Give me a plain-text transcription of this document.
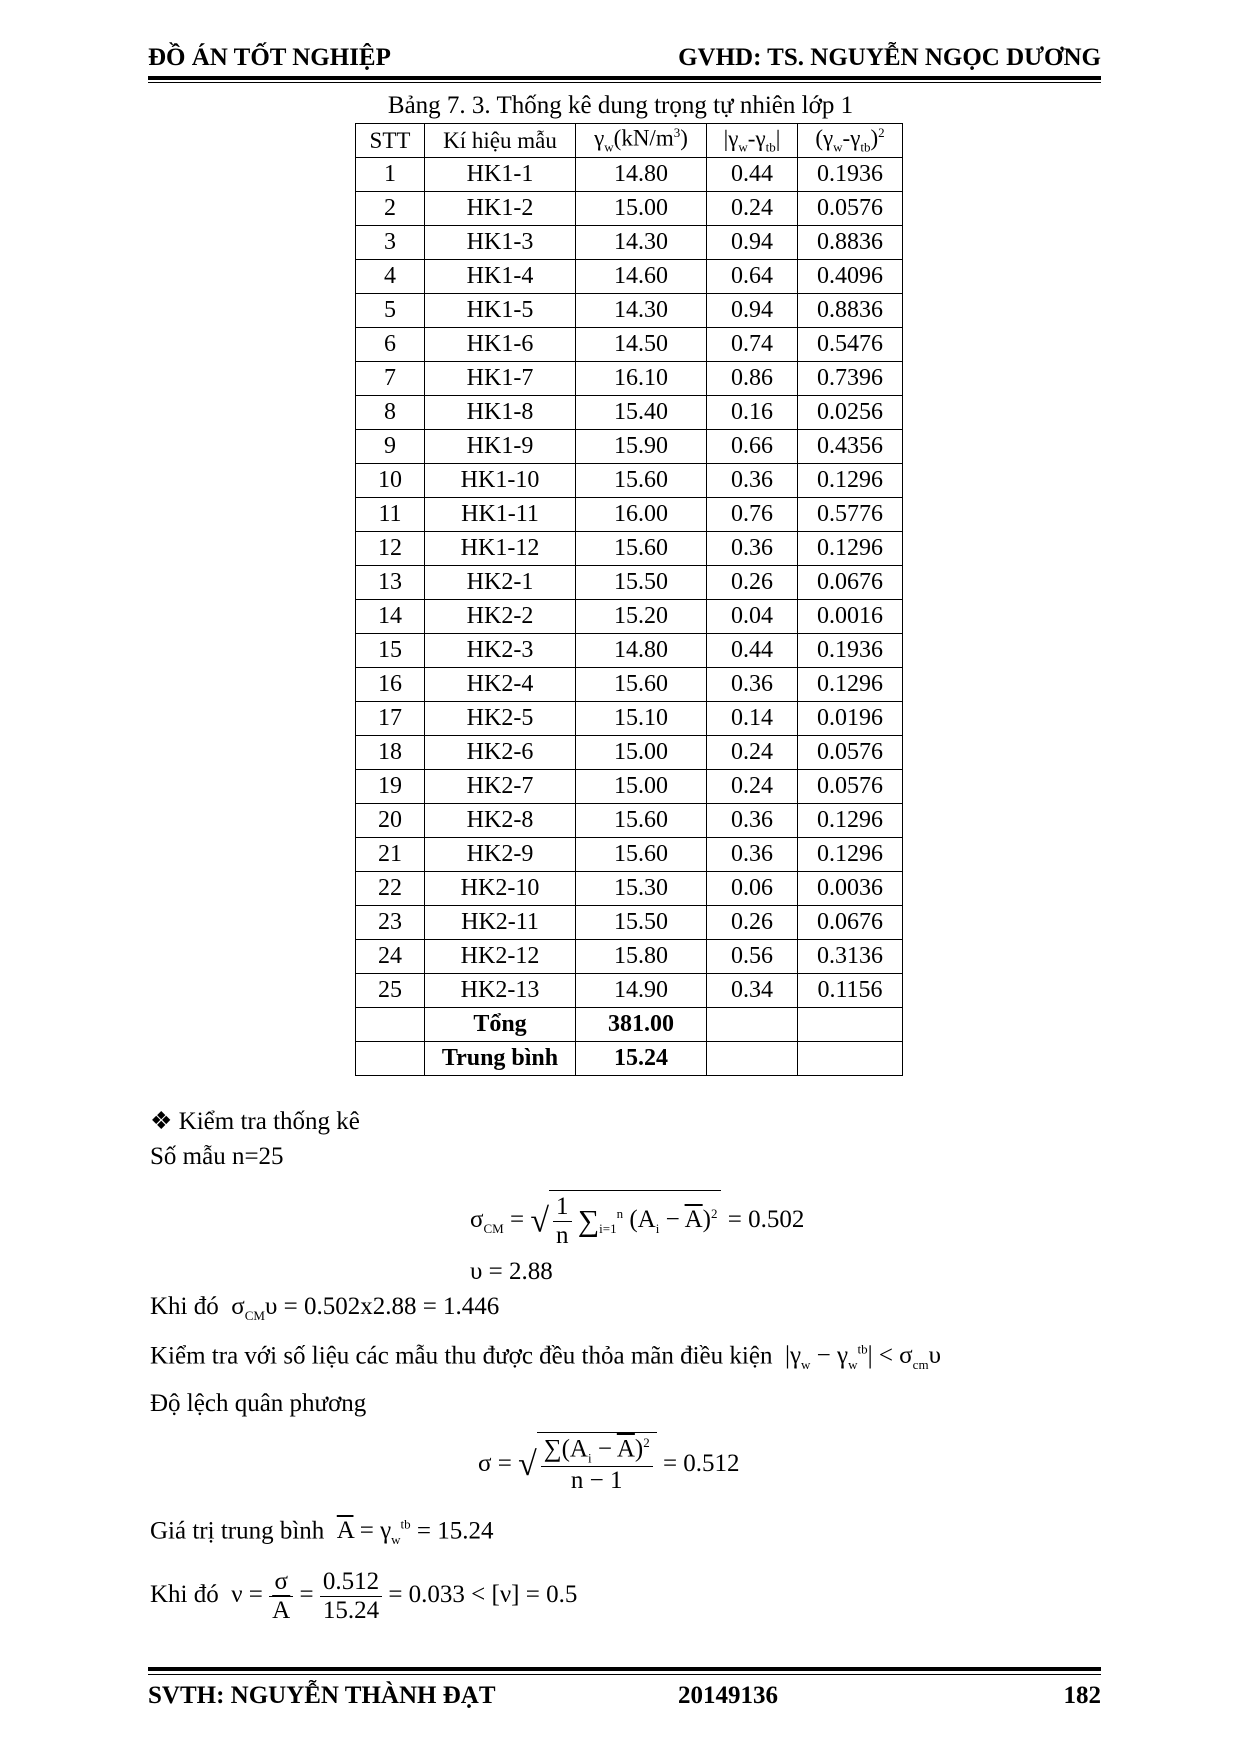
ĐỒ ÁN TỐT NGHIỆP	GVHD: TS. NGUYỄN NGỌC DƯƠNG
Bảng 7. 3. Thống kê dung trọng tự nhiên lớp 1
STT	Kí hiệu mẫu	$\gamma_w(kN/m^3)$	$|\gamma_w-\gamma_{tb}|$	$(\gamma_w-\gamma_{tb})^2$
1	HK1-1	14.80	0.44	0.1936
2	HK1-2	15.00	0.24	0.0576
3	HK1-3	14.30	0.94	0.8836
4	HK1-4	14.60	0.64	0.4096
5	HK1-5	14.30	0.94	0.8836
6	HK1-6	14.50	0.74	0.5476
7	HK1-7	16.10	0.86	0.7396
8	HK1-8	15.40	0.16	0.0256
9	HK1-9	15.90	0.66	0.4356
10	HK1-10	15.60	0.36	0.1296
11	HK1-11	16.00	0.76	0.5776
12	HK1-12	15.60	0.36	0.1296
13	HK2-1	15.50	0.26	0.0676
14	HK2-2	15.20	0.04	0.0016
15	HK2-3	14.80	0.44	0.1936
16	HK2-4	15.60	0.36	0.1296
17	HK2-5	15.10	0.14	0.0196
18	HK2-6	15.00	0.24	0.0576
19	HK2-7	15.00	0.24	0.0576
20	HK2-8	15.60	0.36	0.1296
21	HK2-9	15.60	0.36	0.1296
22	HK2-10	15.30	0.06	0.0036
23	HK2-11	15.50	0.26	0.0676
24	HK2-12	15.80	0.56	0.3136
25	HK2-13	14.90	0.34	0.1156
	Tổng	381.00		
	Trung bình	15.24		
❖ Kiểm tra thống kê
Số mẫu n=25
$\sigma_{CM}$ = √ $\frac{1}{n} \sum_{i=1}^n$ $(A_i - \overline{A})^2 = 0.502$
υ = 2.88
Khi đó  $\sigma_{CM}\upsilon = 0.502x2.88 = 1.446$
Kiểm tra với số liệu các mẫu thu được đều thỏa mãn điều kiện  $|\gamma_w - \gamma_w^{tb}| < \sigma_{cm}\upsilon$
Độ lệch quân phương
σ = √ $\frac{\sum(A_i - \overline{A})^2}{n - 1} = 0.512$
Giá trị trung bình $\overline{A} = \gamma_w^{tb} = 15.24$
Khi đó  $\nu = \frac{\sigma}{A} = \frac{0.512}{15.24} = 0.033 < [\nu] = 0.5$
SVTH: NGUYỄN THÀNH ĐẠT	20149136	182
